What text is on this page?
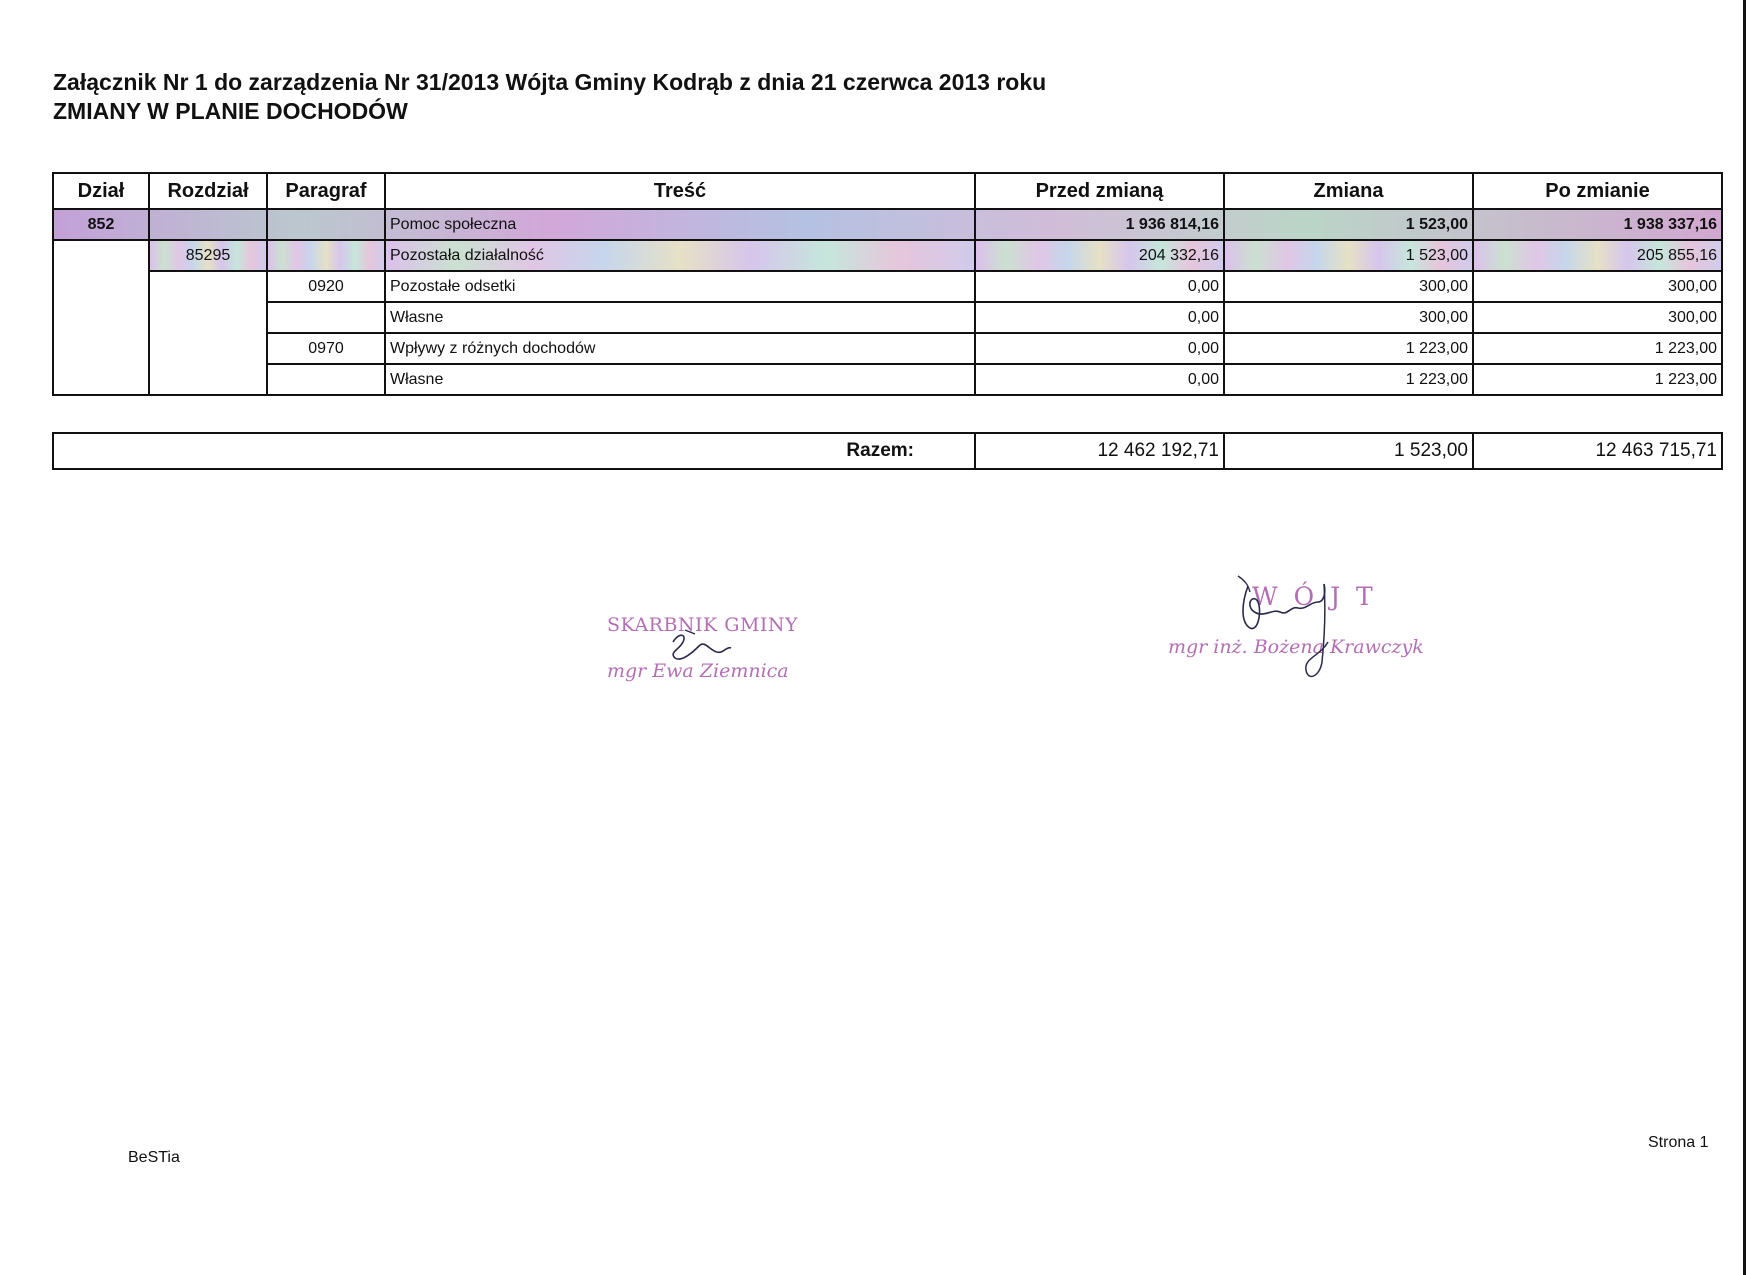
Załącznik Nr 1 do zarządzenia Nr 31/2013 Wójta Gminy Kodrąb z dnia 21 czerwca 2013 roku
ZMIANY W PLANIE DOCHODÓW
Dział	Rozdział	Paragraf	Treść	Przed zmianą	Zmiana	Po zmianie
852			Pomoc społeczna	1 936 814,16	1 523,00	1 938 337,16
	85295		Pozostała działalność	204 332,16	1 523,00	205 855,16
		0920	Pozostałe odsetki	0,00	300,00	300,00
			Własne	0,00	300,00	300,00
		0970	Wpływy z różnych dochodów	0,00	1 223,00	1 223,00
			Własne	0,00	1 223,00	1 223,00
Razem:	12 462 192,71	1 523,00	12 463 715,71
SKARBNIK GMINY
mgr Ewa Ziemnica
W Ó J T
mgr inż. Bożena Krawczyk
BeSTia
Strona 1
